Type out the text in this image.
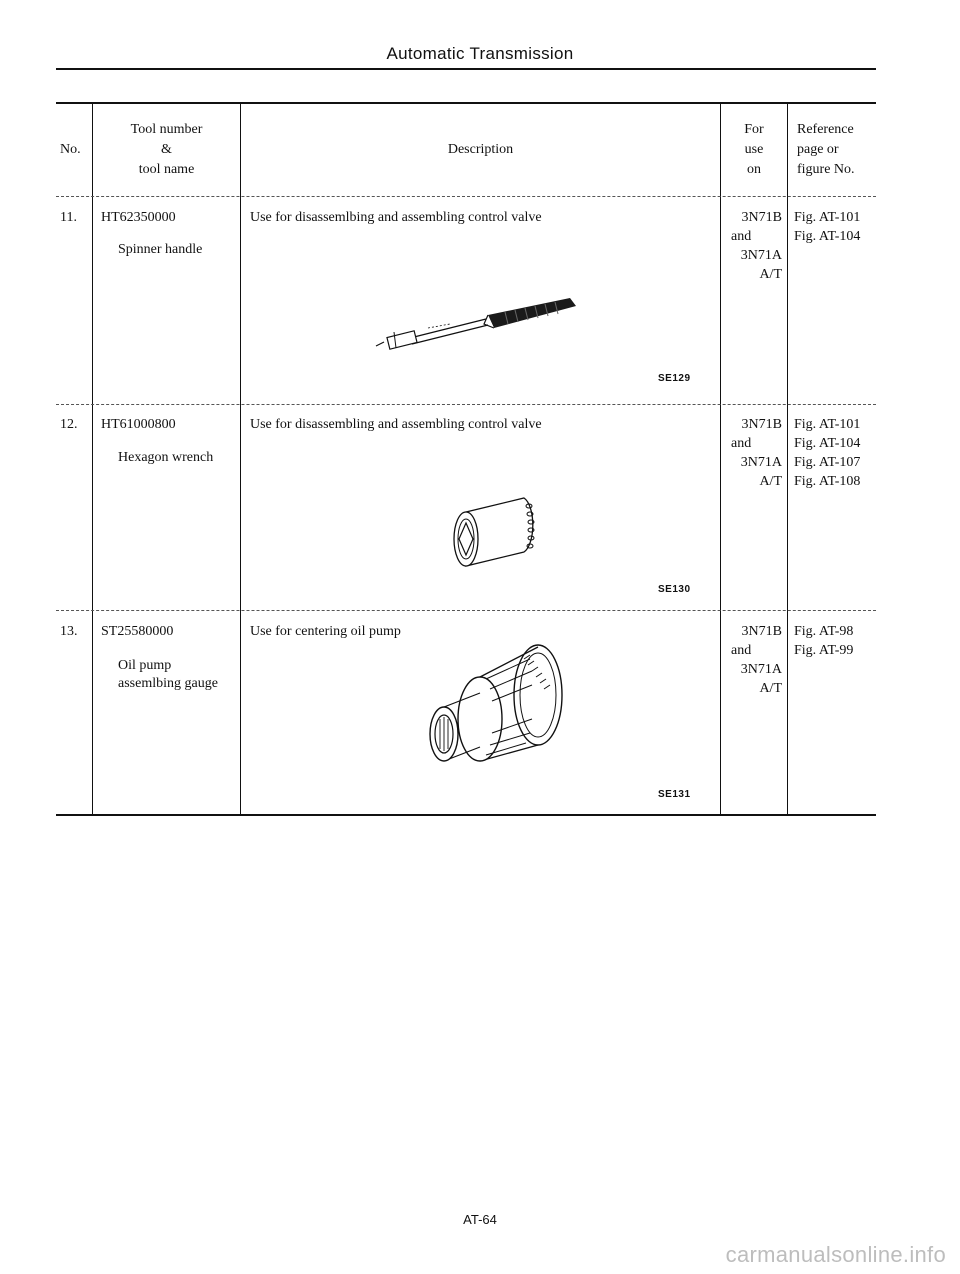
Automatic Transmission
No.
Tool number
&
tool name
Description
For
use
on
Reference
page or
figure No.
11. HT62350000
Spinner handle
Use for disassemlbing and assembling control valve
SE129
3N71B
and
3N71A
A/T
Fig. AT-101
Fig. AT-104
12. HT61000800
Hexagon wrench
Use for disassembling and assembling control valve
SE130
3N71B
and
3N71A
A/T
Fig. AT-101
Fig. AT-104
Fig. AT-107
Fig. AT-108
13. ST25580000
Oil pump
assemlbing gauge
Use for centering oil pump
SE131
3N71B
and
3N71A
A/T
Fig. AT-98
Fig. AT-99
AT-64
carmanualsonline.info
